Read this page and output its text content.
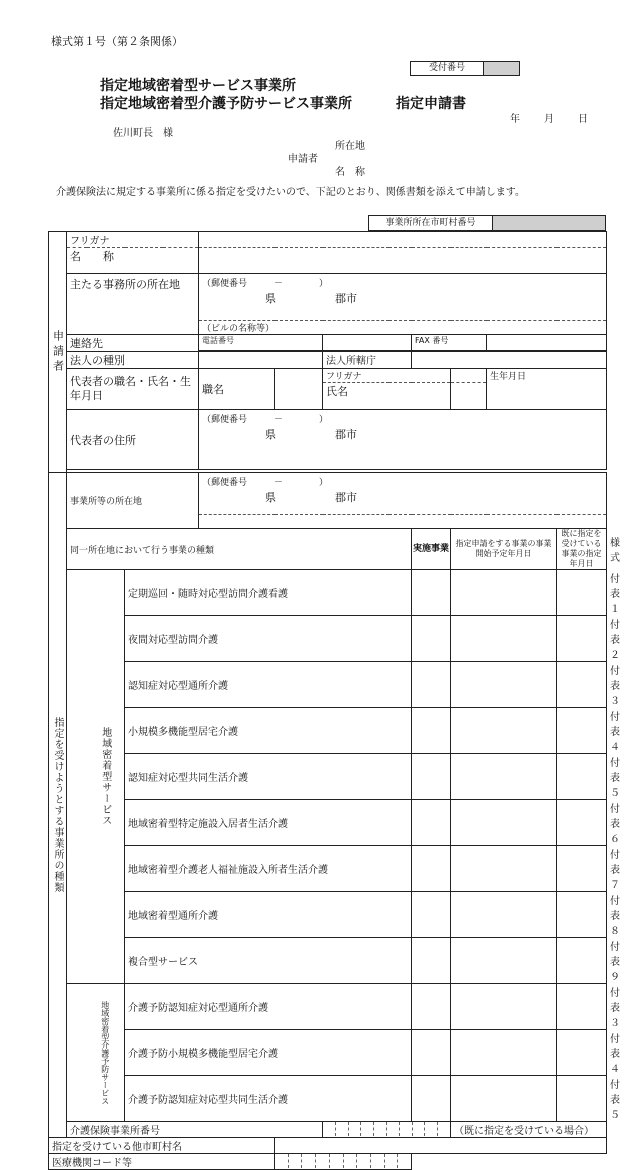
様式第１号（第２条関係）
受付番号
指定地域密着型サービス事業所
指定地域密着型介護予防サービス事業所	指定申請書
年 月 日
佐川町長　様
所在地
申請者
名　称
介護保険法に規定する事業所に係る指定を受けたいので、下記のとおり、関係書類を添えて申請します。
事業所所在市町村番号
申請者	フリガナ										
	名　　称										
	主たる事務所の所在地			（郵便番号　　　－　　　　）
県 郡市							

				（ビルの名称等）							
	連絡先			電話番号			FAX 番号				

	法人の種別					法人所轄庁					
	代表者の職名・氏名・生年月日			職名		フリガナ			生年月日		
						氏名					
	代表者の住所			（郵便番号　　　－　　　　）
県 郡市							

指定を受けようとする事業所の種類	事業所等の所在地			（郵便番号　　　－　　　　）
県 郡市							

	同一所在地において行う事業の種類						実施事業	指定申請をする事業の事業開始予定年月日		既に指定を受けている事業の指定年月日	様式
		地域密着型サービス	定期巡回・随時対応型訪問介護看護								付表１
			夜間対応型訪問介護								付表２
			認知症対応型通所介護								付表３
			小規模多機能型居宅介護								付表４
			認知症対応型共同生活介護								付表５
			地域密着型特定施設入居者生活介護								付表６
			地域密着型介護老人福祉施設入所者生活介護								付表７
			地域密着型通所介護								付表８
			複合型サービス								付表９
		地域密着型介護予防サービス	介護予防認知症対応型通所介護								付表３
			介護予防小規模多機能型居宅介護								付表４
			介護予防認知症対応型共同生活介護								付表５
	介護保険事業所番号							（既に指定を受けている場合）			
指定を受けている他市町村名											
医療機関コード等										
